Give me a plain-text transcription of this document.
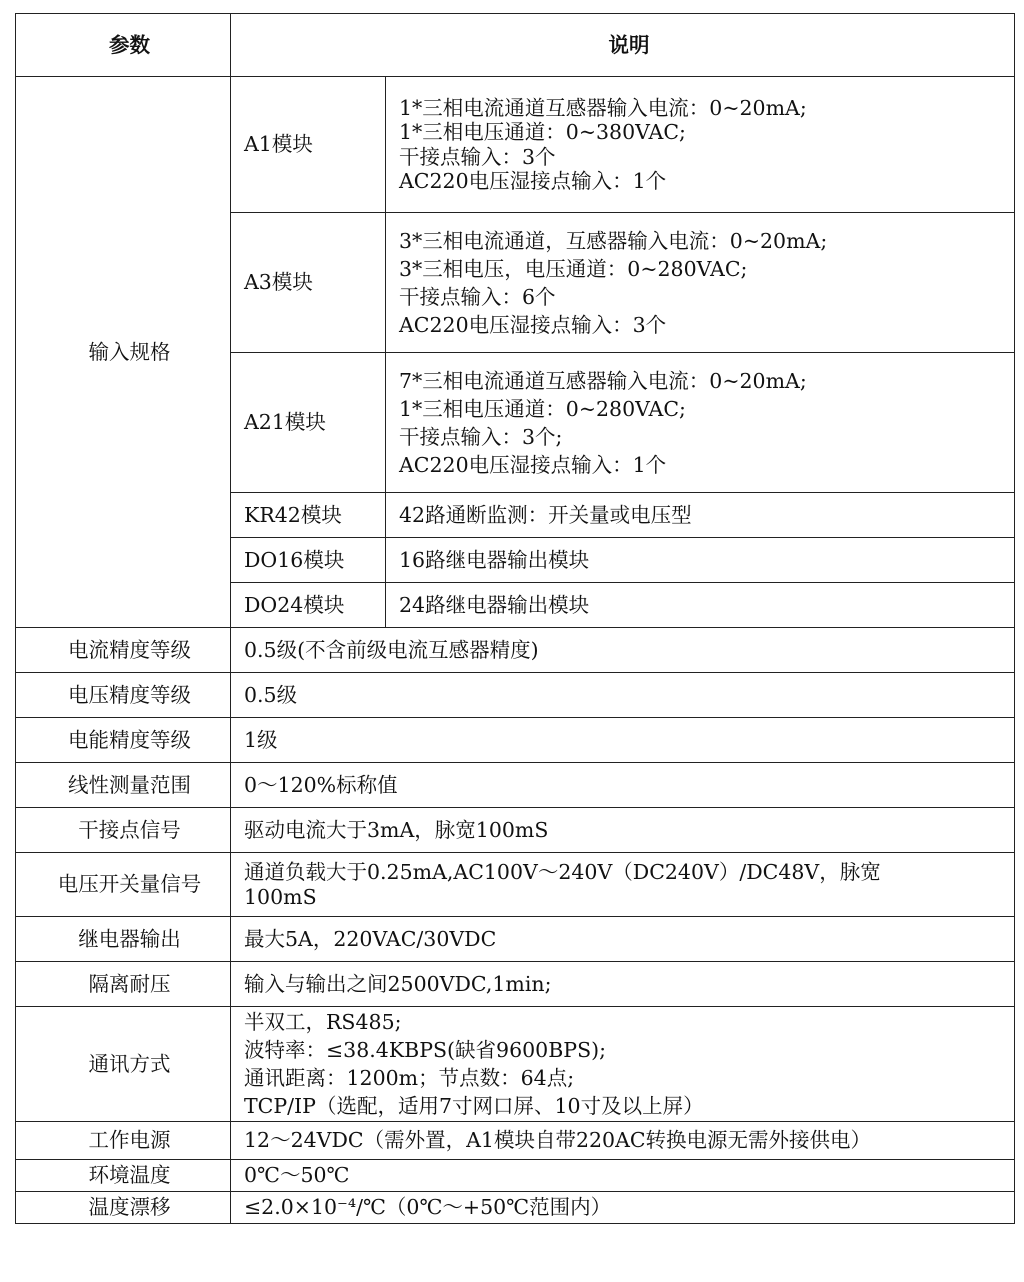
参数	说明	
输入规格	A1模块	1*三相电流通道互感器输入电流：0~20mA;
1*三相电压通道：0~380VAC;
干接点输入：3个
AC220电压湿接点输入：1个

	A3模块	3*三相电流通道，互感器输入电流：0~20mA;
3*三相电压，电压通道：0~280VAC;
干接点输入：6个
AC220电压湿接点输入：3个

	A21模块	7*三相电流通道互感器输入电流：0~20mA;
1*三相电压通道：0~280VAC;
干接点输入：3个;
AC220电压湿接点输入：1个

	KR42模块	42路通断监测：开关量或电压型
	DO16模块	16路继电器输出模块
	DO24模块	24路继电器输出模块
电流精度等级	0.5级(不含前级电流互感器精度)	
电压精度等级	0.5级	
电能精度等级	1级	
线性测量范围	0～120%标称值	
干接点信号	驱动电流大于3mA，脉宽100mS	
电压开关量信号	通道负载大于0.25mA,AC100V～240V（DC240V）/DC48V，脉宽
100mS	

继电器输出	最大5A，220VAC/30VDC	
隔离耐压	输入与输出之间2500VDC,1min;	
通讯方式	半双工，RS485;
波特率：≤38.4KBPS(缺省9600BPS);
通讯距离：1200m；节点数：64点;
TCP/IP（选配，适用7寸网口屏、10寸及以上屏）	

工作电源	12～24VDC（需外置，A1模块自带220AC转换电源无需外接供电）	
环境温度	0℃～50℃	
温度漂移	≤2.0×10⁻⁴/℃（0℃～+50℃范围内）	
